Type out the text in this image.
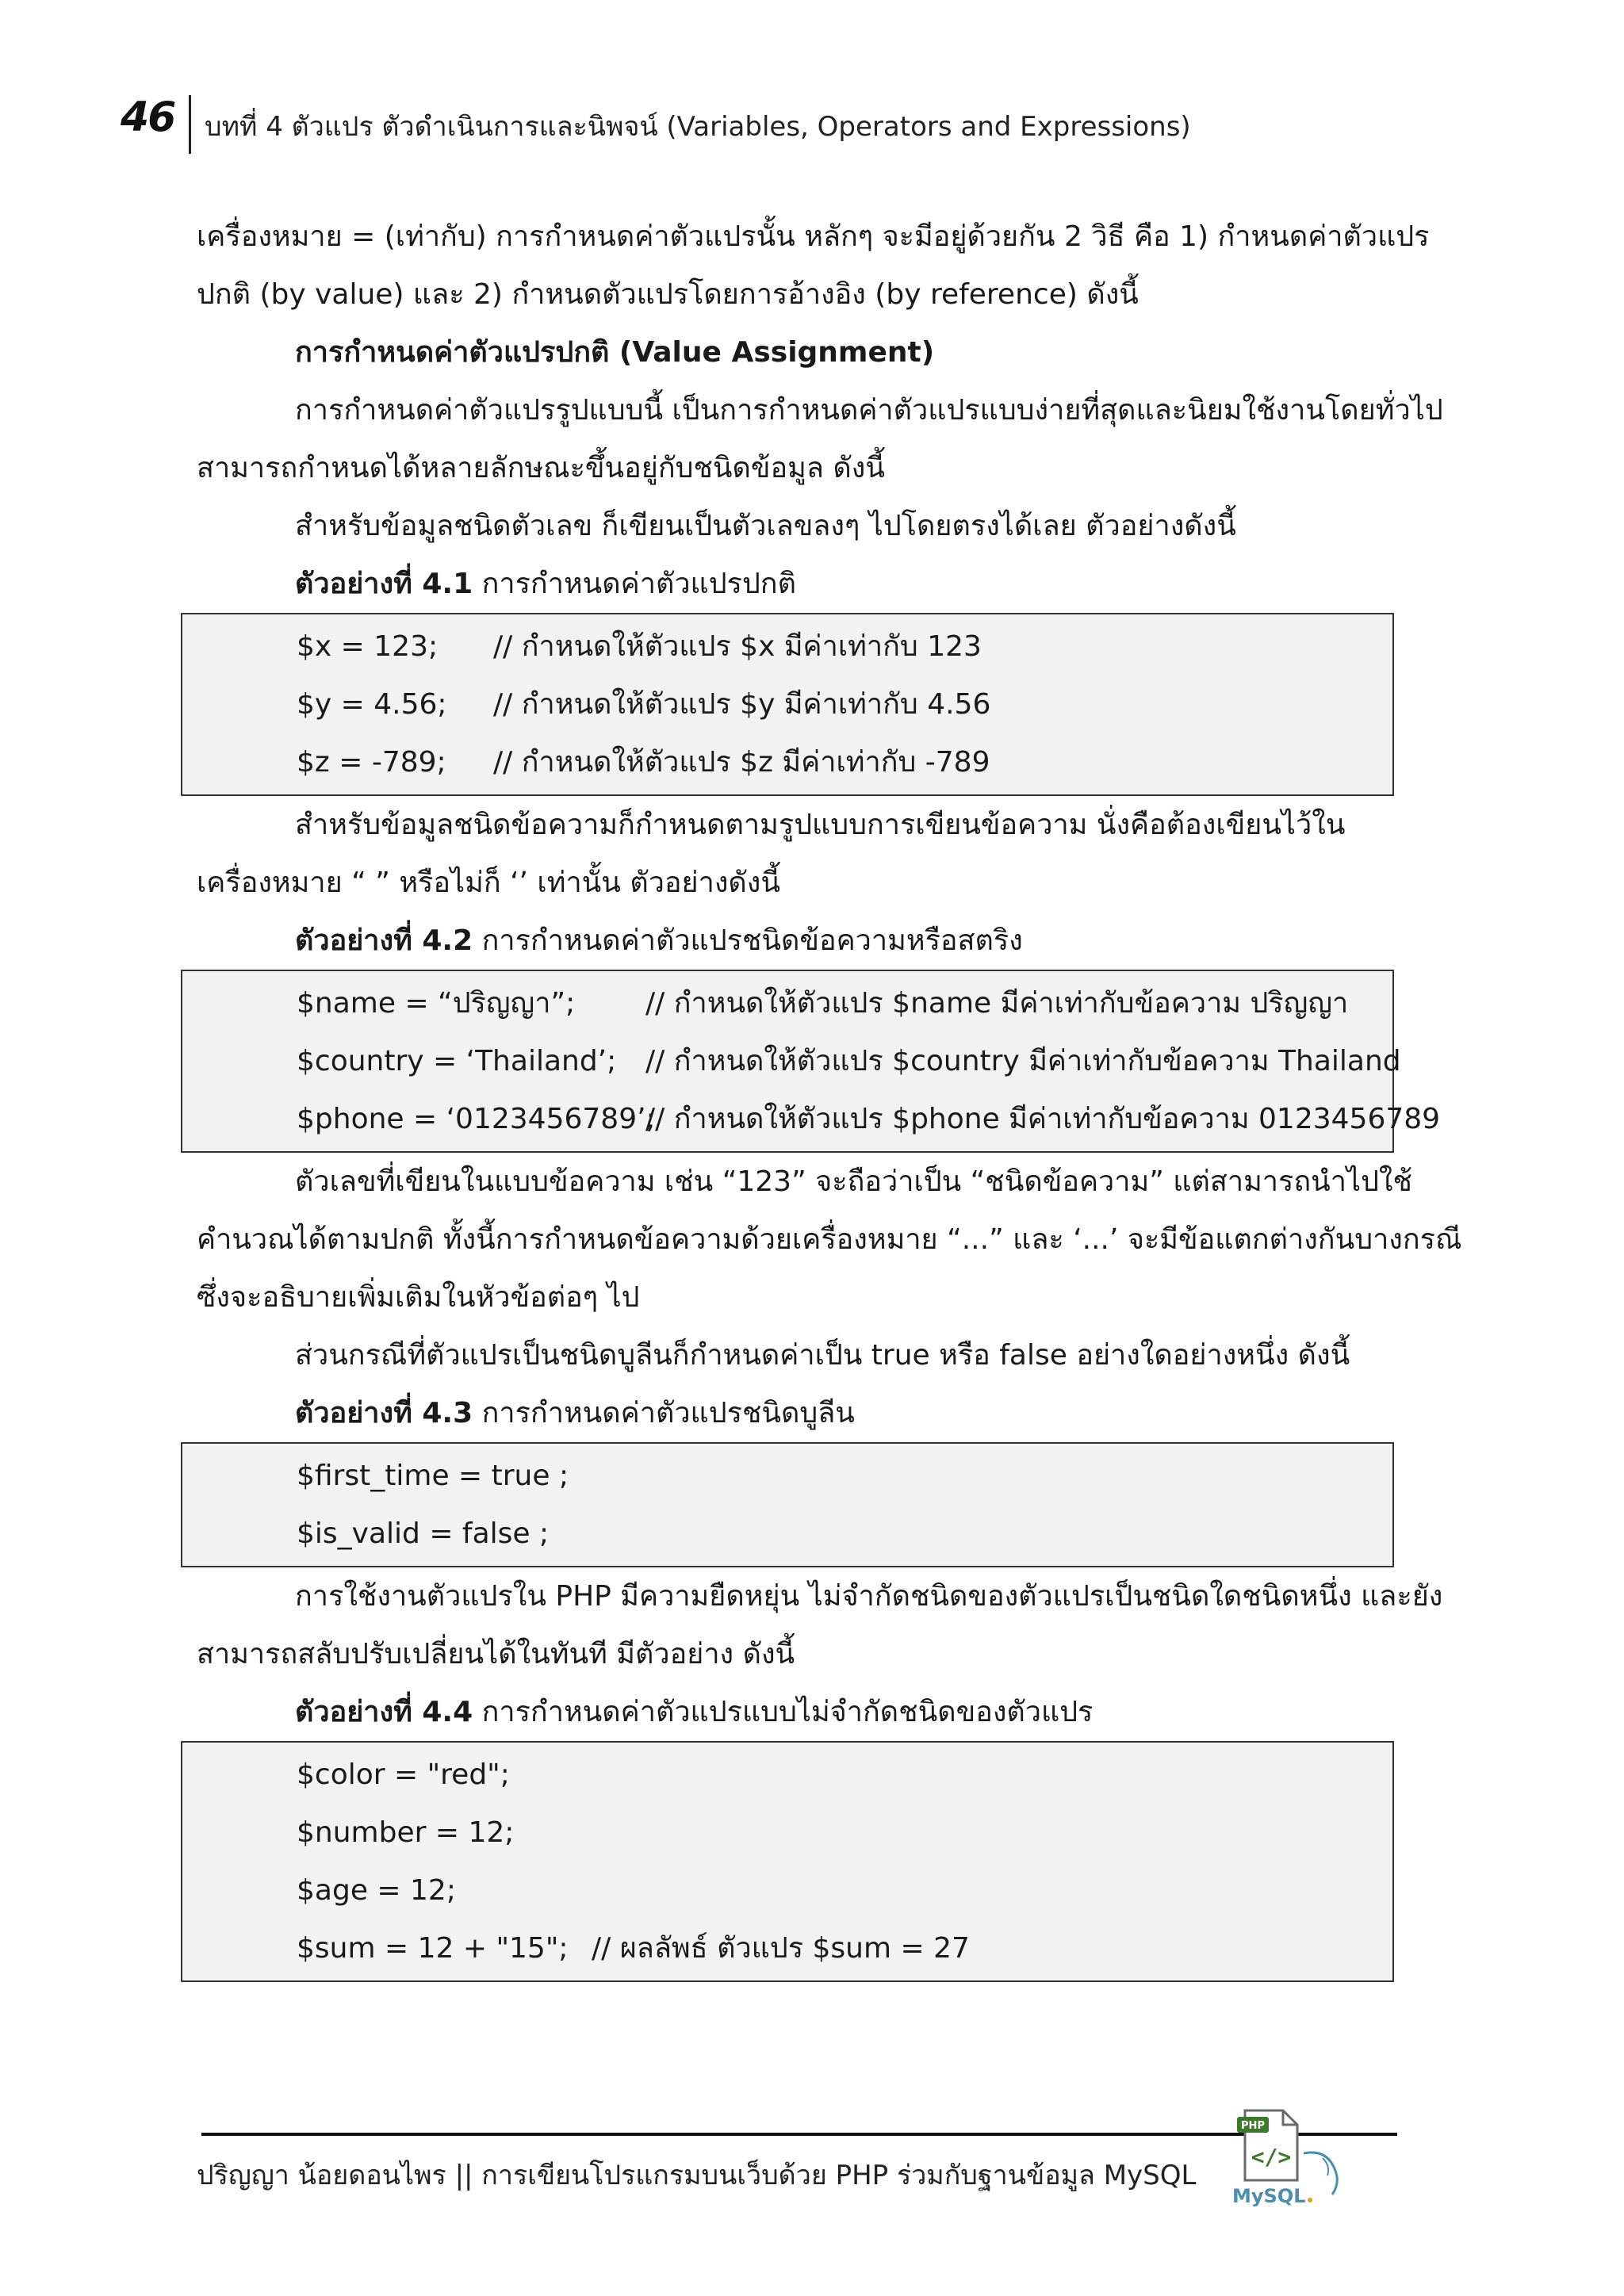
46 บทที่ 4 ตัวแปร ตัวดำเนินการและนิพจน์ (Variables, Operators and Expressions)
เครื่องหมาย = (เท่ากับ) การกำหนดค่าตัวแปรนั้น หลักๆ จะมีอยู่ด้วยกัน 2 วิธี คือ 1) กำหนดค่าตัวแปร
ปกติ (by value) และ 2) กำหนดตัวแปรโดยการอ้างอิง (by reference) ดังนี้
การกำหนดค่าตัวแปรปกติ (Value Assignment)
การกำหนดค่าตัวแปรรูปแบบนี้ เป็นการกำหนดค่าตัวแปรแบบง่ายที่สุดและนิยมใช้งานโดยทั่วไป
สามารถกำหนดได้หลายลักษณะขึ้นอยู่กับชนิดข้อมูล ดังนี้
สำหรับข้อมูลชนิดตัวเลข ก็เขียนเป็นตัวเลขลงๆ ไปโดยตรงได้เลย ตัวอย่างดังนี้
ตัวอย่างที่ 4.1 การกำหนดค่าตัวแปรปกติ
$x = 123; // กำหนดให้ตัวแปร $x มีค่าเท่ากับ 123
$y = 4.56; // กำหนดให้ตัวแปร $y มีค่าเท่ากับ 4.56
$z = -789; // กำหนดให้ตัวแปร $z มีค่าเท่ากับ -789
สำหรับข้อมูลชนิดข้อความก็กำหนดตามรูปแบบการเขียนข้อความ นั่งคือต้องเขียนไว้ใน
เครื่องหมาย “ ” หรือไม่ก็ ‘’ เท่านั้น ตัวอย่างดังนี้
ตัวอย่างที่ 4.2 การกำหนดค่าตัวแปรชนิดข้อความหรือสตริง
$name = “ปริญญา”; // กำหนดให้ตัวแปร $name มีค่าเท่ากับข้อความ ปริญญา
$country = ‘Thailand’; // กำหนดให้ตัวแปร $country มีค่าเท่ากับข้อความ Thailand
$phone = ‘0123456789’;// กำหนดให้ตัวแปร $phone มีค่าเท่ากับข้อความ 0123456789
ตัวเลขที่เขียนในแบบข้อความ เช่น “123” จะถือว่าเป็น “ชนิดข้อความ” แต่สามารถนำไปใช้
คำนวณได้ตามปกติ ทั้งนี้การกำหนดข้อความด้วยเครื่องหมาย “...” และ ‘...’ จะมีข้อแตกต่างกันบางกรณี
ซึ่งจะอธิบายเพิ่มเติมในหัวข้อต่อๆ ไป
ส่วนกรณีที่ตัวแปรเป็นชนิดบูลีนก็กำหนดค่าเป็น true หรือ false อย่างใดอย่างหนึ่ง ดังนี้
ตัวอย่างที่ 4.3 การกำหนดค่าตัวแปรชนิดบูลีน
$first_time = true ;
$is_valid = false ;
การใช้งานตัวแปรใน PHP มีความยืดหยุ่น ไม่จำกัดชนิดของตัวแปรเป็นชนิดใดชนิดหนึ่ง และยัง
สามารถสลับปรับเปลี่ยนได้ในทันที มีตัวอย่าง ดังนี้
ตัวอย่างที่ 4.4 การกำหนดค่าตัวแปรแบบไม่จำกัดชนิดของตัวแปร
$color = "red";
$number = 12;
$age = 12;
$sum = 12 + "15"; // ผลลัพธ์ ตัวแปร $sum = 27
ปริญญา น้อยดอนไพร || การเขียนโปรแกรมบนเว็บด้วย PHP ร่วมกับฐานข้อมูล MySQL
PHP
</>
MySQL
